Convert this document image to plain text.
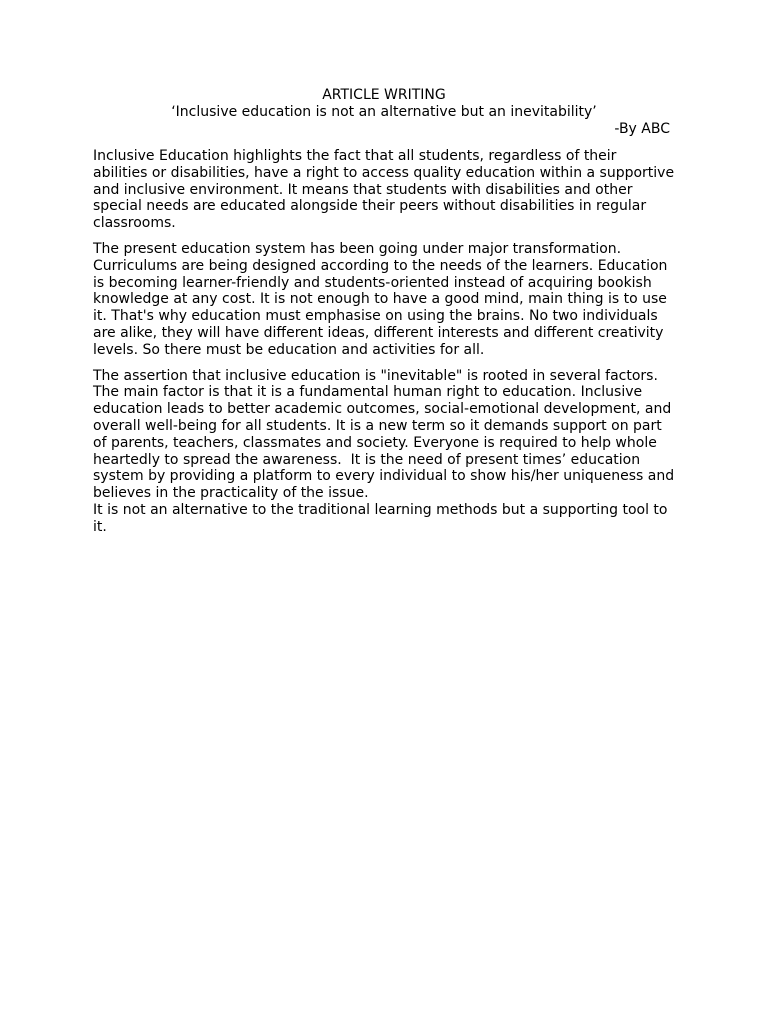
ARTICLE WRITING

‘Inclusive education is not an alternative but an inevitability’

-By ABC

Inclusive Education highlights the fact that all students, regardless of their abilities or disabilities, have a right to access quality education within a supportive and inclusive environment. It means that students with disabilities and other special needs are educated alongside their peers without disabilities in regular classrooms.

The present education system has been going under major transformation. Curriculums are being designed according to the needs of the learners. Education is becoming learner-friendly and students-oriented instead of acquiring bookish knowledge at any cost. It is not enough to have a good mind, main thing is to use it. That's why education must emphasise on using the brains. No two individuals are alike, they will have different ideas, different interests and different creativity levels. So there must be education and activities for all.

The assertion that inclusive education is "inevitable" is rooted in several factors. The main factor is that it is a fundamental human right to education. Inclusive education leads to better academic outcomes, social-emotional development, and overall well-being for all students. It is a new term so it demands support on part of parents, teachers, classmates and society. Everyone is required to help whole heartedly to spread the awareness.  It is the need of present times’ education system by providing a platform to every individual to show his/her uniqueness and believes in the practicality of the issue.

It is not an alternative to the traditional learning methods but a supporting tool to it.
